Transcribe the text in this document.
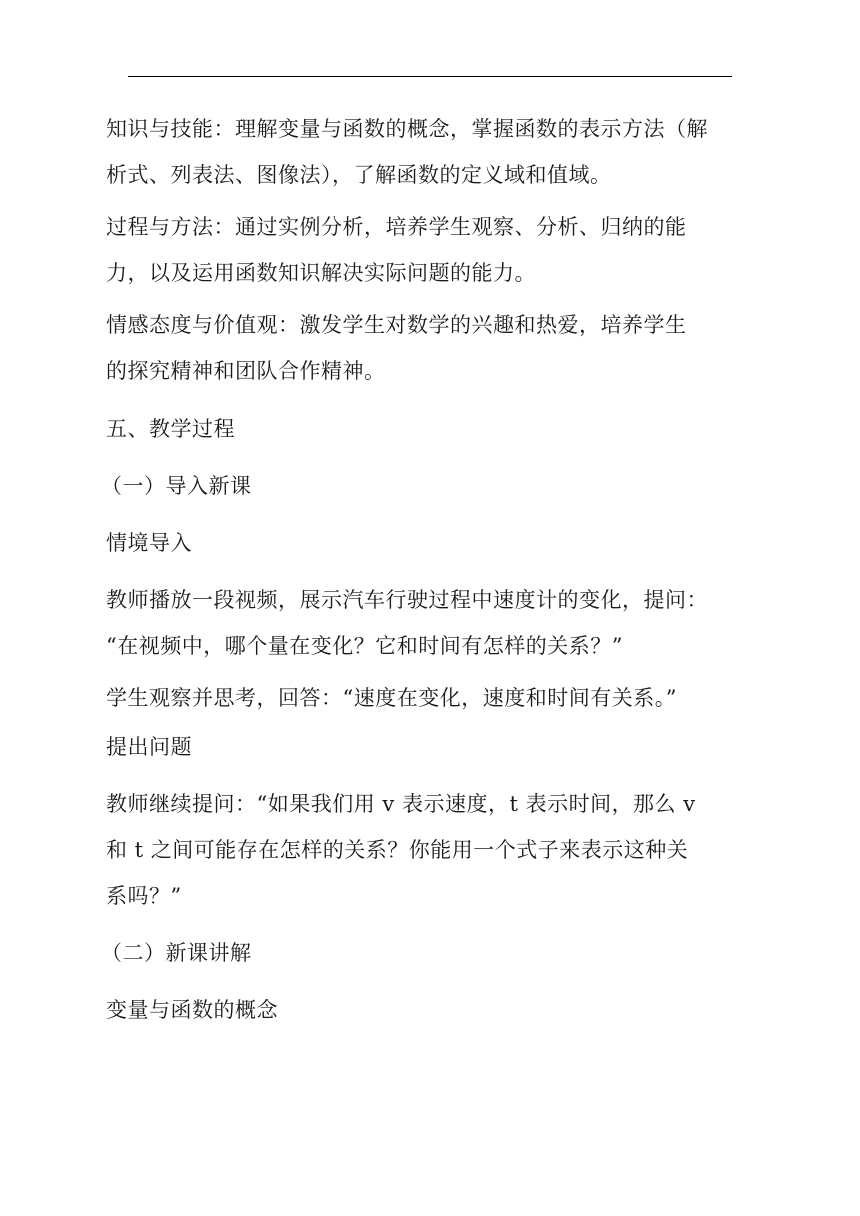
知识与技能：理解变量与函数的概念，掌握函数的表示方法（解
析式、列表法、图像法），了解函数的定义域和值域。

过程与方法：通过实例分析，培养学生观察、分析、归纳的能
力，以及运用函数知识解决实际问题的能力。

情感态度与价值观：激发学生对数学的兴趣和热爱，培养学生
的探究精神和团队合作精神。

五、教学过程

（一）导入新课

情境导入

教师播放一段视频，展示汽车行驶过程中速度计的变化，提问：
“在视频中，哪个量在变化？它和时间有怎样的关系？”

学生观察并思考，回答：“速度在变化，速度和时间有关系。”

提出问题

教师继续提问：“如果我们用 v 表示速度，t 表示时间，那么 v
和 t 之间可能存在怎样的关系？你能用一个式子来表示这种关
系吗？”

（二）新课讲解

变量与函数的概念
